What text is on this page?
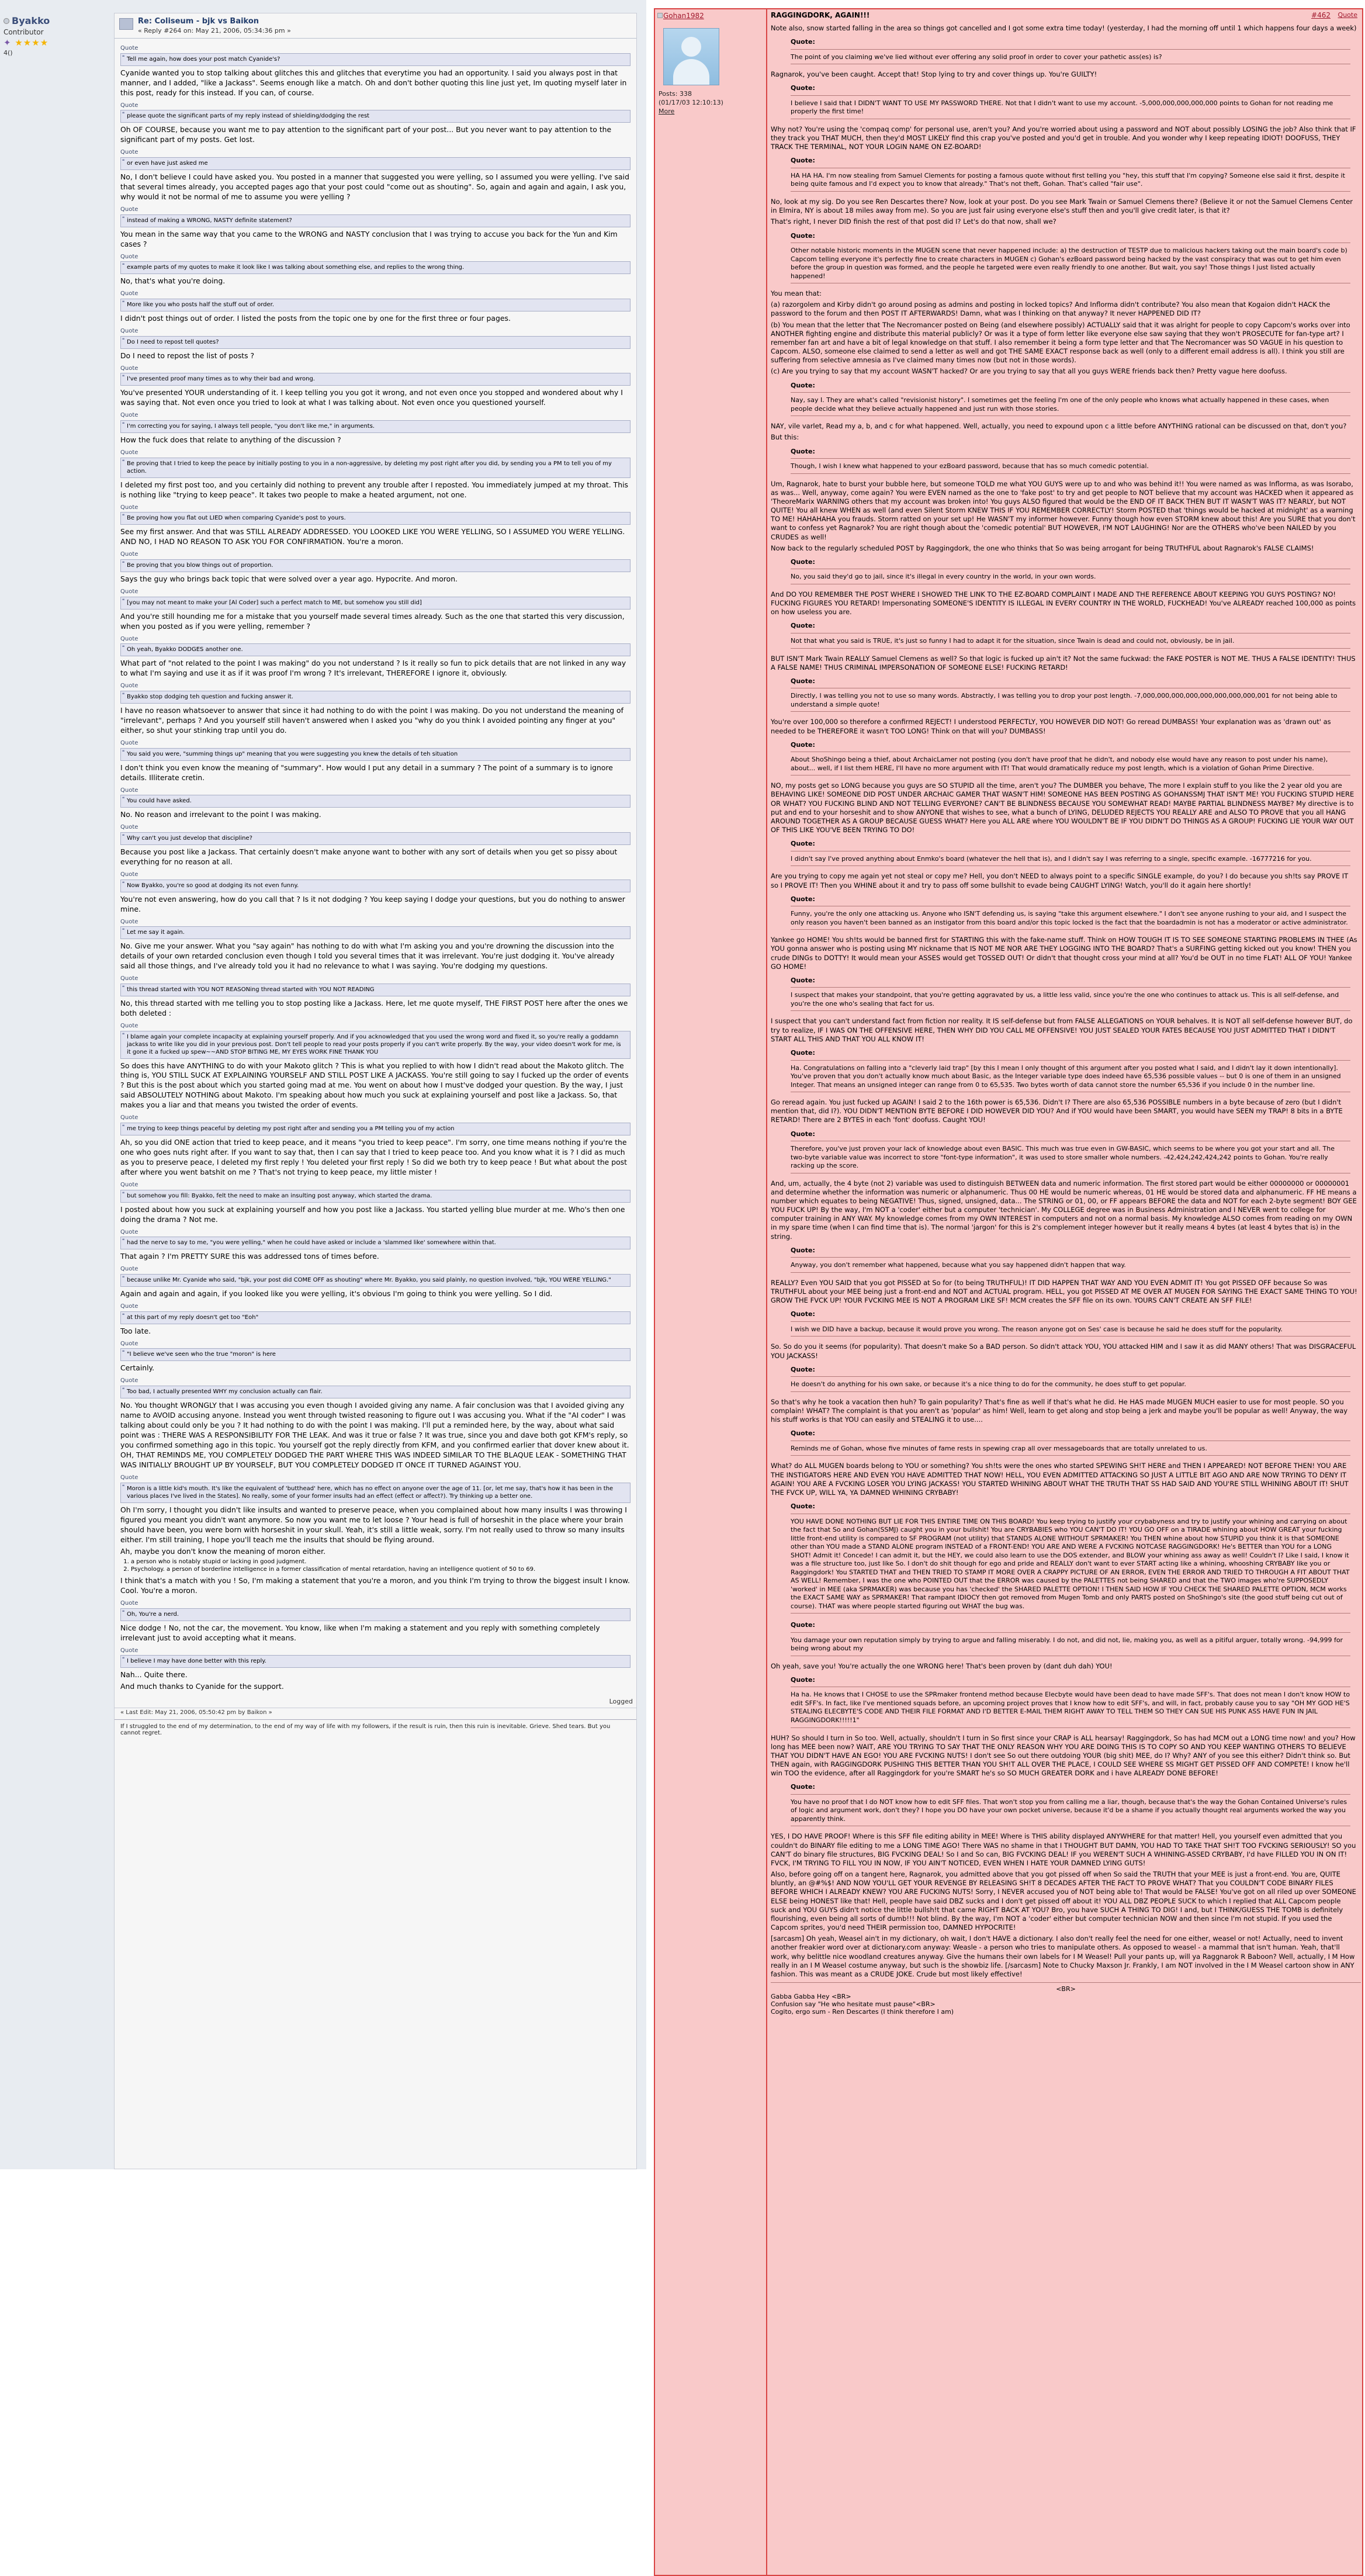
Byakko
Contributor
✦ ★★★★
4()
Re: Coliseum - bjk vs Baikon
« Reply #264 on: May 21, 2006, 05:34:36 pm »
Quote
❝ Tell me again, how does your post match Cyanide's?
Cyanide wanted you to stop talking about glitches this and glitches that everytime you had an opportunity. I said you always post in that manner, and I added, "like a Jackass". Seems enough like a match. Oh and don't bother quoting this line just yet, Im quoting myself later in this post, ready for this instead. If you can, of course.
Quote
❝ please quote the significant parts of my reply instead of shielding/dodging the rest
Oh OF COURSE, because you want me to pay attention to the significant part of your post... But you never want to pay attention to the significant part of my posts. Get lost.
Quote
❝ or even have just asked me
No, I don't believe I could have asked you. You posted in a manner that suggested you were yelling, so I assumed you were yelling. I've said that several times already, you accepted pages ago that your post could "come out as shouting". So, again and again and again, I ask you, why would it not be normal of me to assume you were yelling ?
Quote
❝ instead of making a WRONG, NASTY definite statement?
You mean in the same way that you came to the WRONG and NASTY conclusion that I was trying to accuse you back for the Yun and Kim cases ?
Quote
❝ example parts of my quotes to make it look like I was talking about something else, and replies to the wrong thing.
No, that's what you're doing.
Quote
❝ More like you who posts half the stuff out of order.
I didn't post things out of order. I listed the posts from the topic one by one for the first three or four pages.
Quote
❝ Do I need to repost tell quotes?
Do I need to repost the list of posts ?
Quote
❝ I've presented proof many times as to why their bad and wrong.
You've presented YOUR understanding of it. I keep telling you you got it wrong, and not even once you stopped and wondered about why I was saying that. Not even once you tried to look at what I was talking about. Not even once you questioned yourself.
Quote
❝ I'm correcting you for saying, I always tell people, "you don't like me," in arguments.
How the fuck does that relate to anything of the discussion ?
Quote
❝ Be proving that I tried to keep the peace by initially posting to you in a non-aggressive, by deleting my post right after you did, by sending you a PM to tell you of my action.
I deleted my first post too, and you certainly did nothing to prevent any trouble after I reposted. You immediately jumped at my throat. This is nothing like "trying to keep peace". It takes two people to make a heated argument, not one.
Quote
❝ Be proving how you flat out LIED when comparing Cyanide's post to yours.
See my first answer. And that was STILL ALREADY ADDRESSED. YOU LOOKED LIKE YOU WERE YELLING, SO I ASSUMED YOU WERE YELLING. AND NO, I HAD NO REASON TO ASK YOU FOR CONFIRMATION. You're a moron.
Quote
❝ Be proving that you blow things out of proportion.
Says the guy who brings back topic that were solved over a year ago. Hypocrite. And moron.
Quote
❝ [you may not meant to make your [Al Coder] such a perfect match to ME, but somehow you still did]
And you're still hounding me for a mistake that you yourself made several times already. Such as the one that started this very discussion, when you posted as if you were yelling, remember ?
Quote
❝ Oh yeah, Byakko DODGES another one.
What part of "not related to the point I was making" do you not understand ? Is it really so fun to pick details that are not linked in any way to what I'm saying and use it as if it was proof I'm wrong ? It's irrelevant, THEREFORE I ignore it, obviously.
Quote
❝ Byakko stop dodging teh question and fucking answer it.
I have no reason whatsoever to answer that since it had nothing to do with the point I was making. Do you not understand the meaning of "irrelevant", perhaps ? And you yourself still haven't answered when I asked you "why do you think I avoided pointing any finger at you" either, so shut your stinking trap until you do.
Quote
❝ You said you were, "summing things up" meaning that you were suggesting you knew the details of teh situation
I don't think you even know the meaning of "summary". How would I put any detail in a summary ? The point of a summary is to ignore details. Illiterate cretin.
Quote
❝ You could have asked.
No. No reason and irrelevant to the point I was making.
Quote
❝ Why can't you just develop that discipline?
Because you post like a Jackass. That certainly doesn't make anyone want to bother with any sort of details when you get so pissy about everything for no reason at all.
Quote
❝ Now Byakko, you're so good at dodging its not even funny.
You're not even answering, how do you call that ? Is it not dodging ? You keep saying I dodge your questions, but you do nothing to answer mine.
Quote
❝ Let me say it again.
No. Give me your answer. What you "say again" has nothing to do with what I'm asking you and you're drowning the discussion into the details of your own retarded conclusion even though I told you several times that it was irrelevant. You're just dodging it. You've already said all those things, and I've already told you it had no relevance to what I was saying. You're dodging my questions.
Quote
❝ this thread started with YOU NOT REASONing thread started with YOU NOT READING
No, this thread started with me telling you to stop posting like a Jackass. Here, let me quote myself, THE FIRST POST here after the ones we both deleted :
Quote
❝ I blame again your complete incapacity at explaining yourself properly. And if you acknowledged that you used the wrong word and fixed it, so you're really a goddamn jackass to write like you did in your previous post. Don't tell people to read your posts properly if you can't write properly. By the way, your video doesn't work for me, is it gone it a fucked up spew~~AND STOP BITING ME, MY EYES WORK FINE THANK YOU
So does this have ANYTHING to do with your Makoto glitch ? This is what you replied to with how I didn't read about the Makoto glitch. The thing is, YOU STILL SUCK AT EXPLAINING YOURSELF AND STILL POST LIKE A JACKASS. You're still going to say I fucked up the order of events ? But this is the post about which you started going mad at me. You went on about how I must've dodged your question. By the way, I just said ABSOLUTELY NOTHING about Makoto. I'm speaking about how much you suck at explaining yourself and post like a Jackass. So, that makes you a liar and that means you twisted the order of events.
Quote
❝ me trying to keep things peaceful by deleting my post right after and sending you a PM telling you of my action
Ah, so you did ONE action that tried to keep peace, and it means "you tried to keep peace". I'm sorry, one time means nothing if you're the one who goes nuts right after. If you want to say that, then I can say that I tried to keep peace too. And you know what it is ? I did as much as you to preserve peace, I deleted my first reply ! You deleted your first reply ! So did we both try to keep peace ! But what about the post after where you went batshit on me ? That's not trying to keep peace, my little mister !
Quote
❝ but somehow you fill: Byakko, felt the need to make an insulting post anyway, which started the drama.
I posted about how you suck at explaining yourself and how you post like a Jackass. You started yelling blue murder at me. Who's then one doing the drama ? Not me.
Quote
❝ had the nerve to say to me, "you were yelling," when he could have asked or include a 'slammed like' somewhere within that.
That again ? I'm PRETTY SURE this was addressed tons of times before.
Quote
❝ because unlike Mr. Cyanide who said, "bjk, your post did COME OFF as shouting" where Mr. Byakko, you said plainly, no question involved, "bjk, YOU WERE YELLING."
Again and again and again, if you looked like you were yelling, it's obvious I'm going to think you were yelling. So I did.
Quote
❝ at this part of my reply doesn't get too "Eoh"
Too late.
Quote
❝ "I believe we've seen who the true "moron" is here
Certainly.
Quote
❝ Too bad, I actually presented WHY my conclusion actually can flair.
No. You thought WRONGLY that I was accusing you even though I avoided giving any name. A fair conclusion was that I avoided giving any name to AVOID accusing anyone. Instead you went through twisted reasoning to figure out I was accusing you. What if the "AI coder" I was talking about could only be you ? It had nothing to do with the point I was making. I'll put a reminded here, by the way, about what said point was : THERE WAS A RESPONSIBILITY FOR THE LEAK. And was it true or false ? It was true, since you and dave both got KFM's reply, so you confirmed something ago in this topic. You yourself got the reply directly from KFM, and you confirmed earlier that dover knew about it. OH, THAT REMINDS ME, YOU COMPLETELY DODGED THE PART WHERE THIS WAS INDEED SIMILAR TO THE BLAQUE LEAK - SOMETHING THAT WAS INITIALLY BROUGHT UP BY YOURSELF, BUT YOU COMPLETELY DODGED IT ONCE IT TURNED AGAINST YOU.
Quote
❝ Moron is a little kid's mouth. It's like the equivalent of 'butthead' here, which has no effect on anyone over the age of 11. [or, let me say, that's how it has been in the various places I've lived in the States]. No really, some of your former insults had an effect (effect or affect?). Try thinking up a better one.
Oh I'm sorry, I thought you didn't like insults and wanted to preserve peace, when you complained about how many insults I was throwing I figured you meant you didn't want anymore. So now you want me to let loose ? Your head is full of horseshit in the place where your brain should have been, you were born with horseshit in your skull. Yeah, it's still a little weak, sorry. I'm not really used to throw so many insults either. I'm still training, I hope you'll teach me the insults that should be flying around.
Ah, maybe you don't know the meaning of moron either.
1. a person who is notably stupid or lacking in good judgment.
2. Psychology. a person of borderline intelligence in a former classification of mental retardation, having an intelligence quotient of 50 to 69.
I think that's a match with you ! So, I'm making a statement that you're a moron, and you think I'm trying to throw the biggest insult I know. Cool. You're a moron.
Quote
❝ Oh, You're a nerd.
Nice dodge ! No, not the car, the movement. You know, like when I'm making a statement and you reply with something completely irrelevant just to avoid accepting what it means.
Quote
❝ I believe I may have done better with this reply.
Nah... Quite there.
And much thanks to Cyanide for the support.
Logged
« Last Edit: May 21, 2006, 05:50:42 pm by Baikon »
If I struggled to the end of my determination, to the end of my way of life with my followers, if the result is ruin, then this ruin is inevitable. Grieve. Shed tears. But you cannot regret.
Gohan1982
Posts: 338
(01/17/03 12:10:13)
More
RAGGINGDORK, AGAIN!!!	#462 Quote
Note also, snow started falling in the area so things got cancelled and I got some extra time today! (yesterday, I had the morning off until 1 which happens four days a week)
Quote:
The point of you claiming we've lied without ever offering any solid proof in order to cover your pathetic ass(es) is?
Ragnarok, you've been caught. Accept that! Stop lying to try and cover things up. You're GUILTY!
Quote:
I believe I said that I DIDN'T WANT TO USE MY PASSWORD THERE. Not that I didn't want to use my account. -5,000,000,000,000,000 points to Gohan for not reading me properly the first time!
Why not? You're using the 'compaq comp' for personal use, aren't you? And you're worried about using a password and NOT about possibly LOSING the job? Also think that IF they track you THAT MUCH, then they'd MOST LIKELY find this crap you've posted and you'd get in trouble. And you wonder why I keep repeating IDIOT! DOOFUSS, THEY TRACK THE TERMINAL, NOT YOUR LOGIN NAME ON EZ-BOARD!
Quote:
HA HA HA. I'm now stealing from Samuel Clements for posting a famous quote without first telling you "hey, this stuff that I'm copying? Someone else said it first, despite it being quite famous and I'd expect you to know that already." That's not theft, Gohan. That's called "fair use".
No, look at my sig. Do you see Ren Descartes there? Now, look at your post. Do you see Mark Twain or Samuel Clemens there? (Believe it or not the Samuel Clemens Center in Elmira, NY is about 18 miles away from me). So you are just fair using everyone else's stuff then and you'll give credit later, is that it?
That's right, I never DID finish the rest of that post did I? Let's do that now, shall we?
Quote:
Other notable historic moments in the MUGEN scene that never happened include: a) the destruction of TESTP due to malicious hackers taking out the main board's code b) Capcom telling everyone it's perfectly fine to create characters in MUGEN c) Gohan's ezBoard password being hacked by the vast conspiracy that was out to get him even before the group in question was formed, and the people he targeted were even really friendly to one another. But wait, you say! Those things I just listed actually happened!
You mean that:
(a) razorgolem and Kirby didn't go around posing as admins and posting in locked topics? And Inflorma didn't contribute? You also mean that Kogaion didn't HACK the password to the forum and then POST IT AFTERWARDS! Damn, what was I thinking on that anyway? It never HAPPENED DID IT?
(b) You mean that the letter that The Necromancer posted on Being (and elsewhere possibly) ACTUALLY said that it was alright for people to copy Capcom's works over into ANOTHER fighting engine and distribute this material publicly? Or was it a type of form letter like everyone else saw saying that they won't PROSECUTE for fan-type art? I remember fan art and have a bit of legal knowledge on that stuff. I also remember it being a form type letter and that The Necromancer was SO VAGUE in his question to Capcom. ALSO, someone else claimed to send a letter as well and got THE SAME EXACT response back as well (only to a different email address is all). I think you still are suffering from selective amnesia as I've claimed many times now (but not in those words).
(c) Are you trying to say that my account WASN'T hacked? Or are you trying to say that all you guys WERE friends back then? Pretty vague here doofuss.
Quote:
Nay, say I. They are what's called "revisionist history". I sometimes get the feeling I'm one of the only people who knows what actually happened in these cases, when people decide what they believe actually happened and just run with those stories.
NAY, vile varlet, Read my a, b, and c for what happened. Well, actually, you need to expound upon c a little before ANYTHING rational can be discussed on that, don't you?
But this:
Quote:
Though, I wish I knew what happened to your ezBoard password, because that has so much comedic potential.
Um, Ragnarok, hate to burst your bubble here, but someone TOLD me what YOU GUYS were up to and who was behind it!! You were named as was Inflorma, as was Isorabo, as was... Well, anyway, come again? You were EVEN named as the one to 'fake post' to try and get people to NOT believe that my account was HACKED when it appeared as 'TheoreMarix WARNING others that my account was broken into! You guys ALSO figured that would be the END OF IT BACK THEN BUT IT WASN'T WAS IT? NEARLY, but NOT QUITE! You all knew WHEN as well (and even Silent Storm KNEW THIS IF YOU REMEMBER CORRECTLY! Storm POSTED that 'things would be hacked at midnight' as a warning TO ME! HAHAHAHA you frauds. Storm ratted on your set up! He WASN'T my informer however. Funny though how even STORM knew about this! Are you SURE that you don't want to confess yet Ragnarok? You are right though about the 'comedic potential' BUT HOWEVER, I'M NOT LAUGHING! Nor are the OTHERS who've been NAILED by you CRUDES as well!
Now back to the regularly scheduled POST by Raggingdork, the one who thinks that So was being arrogant for being TRUTHFUL about Ragnarok's FALSE CLAIMS!
Quote:
No, you said they'd go to jail, since it's illegal in every country in the world, in your own words.
And DO YOU REMEMBER THE POST WHERE I SHOWED THE LINK TO THE EZ-BOARD COMPLAINT I MADE AND THE REFERENCE ABOUT KEEPING YOU GUYS POSTING? NO! FUCKING FIGURES YOU RETARD! Impersonating SOMEONE'S IDENTITY IS ILLEGAL IN EVERY COUNTRY IN THE WORLD, FUCKHEAD! You've ALREADY reached 100,000 as points on how useless you are.
Quote:
Not that what you said is TRUE, it's just so funny I had to adapt it for the situation, since Twain is dead and could not, obviously, be in jail.
BUT ISN'T Mark Twain REALLY Samuel Clemens as well? So that logic is fucked up ain't it? Not the same fuckwad: the FAKE POSTER is NOT ME. THUS A FALSE IDENTITY! THUS A FALSE NAME! THUS CRIMINAL IMPERSONATION OF SOMEONE ELSE! FUCKING RETARD!
Quote:
Directly, I was telling you not to use so many words. Abstractly, I was telling you to drop your post length. -7,000,000,000,000,000,000,000,000,001 for not being able to understand a simple quote!
You're over 100,000 so therefore a confirmed REJECT! I understood PERFECTLY, YOU HOWEVER DID NOT! Go reread DUMBASS! Your explanation was as 'drawn out' as needed to be THEREFORE it wasn't TOO LONG! Think on that will you? DUMBASS!
Quote:
About ShoShingo being a thief, about ArchaicLamer not posting (you don't have proof that he didn't, and nobody else would have any reason to post under his name), about... well, if I list them HERE, I'll have no more argument with IT! That would dramatically reduce my post length, which is a violation of Gohan Prime Directive.
NO, my posts get so LONG because you guys are SO STUPID all the time, aren't you? The DUMBER you behave, The more I explain stuff to you like the 2 year old you are BEHAVING LIKE! SOMEONE DID POST UNDER ARCHAIC GAMER THAT WASN'T HIM! SOMEONE HAS BEEN POSTING AS GOHANSSMJ THAT ISN'T ME! YOU FUCKING STUPID HERE OR WHAT? YOU FUCKING BLIND AND NOT TELLING EVERYONE? CAN'T BE BLINDNESS BECAUSE YOU SOMEWHAT READ! MAYBE PARTIAL BLINDNESS MAYBE? My directive is to put and end to your horseshit and to show ANYONE that wishes to see, what a bunch of LYING, DELUDED REJECTS YOU REALLY ARE and ALSO TO PROVE that you all HANG AROUND TOGETHER AS A GROUP BECAUSE GUESS WHAT? Here you ALL ARE where YOU WOULDN'T BE IF YOU DIDN'T DO THINGS AS A GROUP! FUCKING LIE YOUR WAY OUT OF THIS LIKE YOU'VE BEEN TRYING TO DO!
Quote:
I didn't say I've proved anything about Enmko's board (whatever the hell that is), and I didn't say I was referring to a single, specific example. -16777216 for you.
Are you trying to copy me again yet not steal or copy me? Hell, you don't NEED to always point to a specific SINGLE example, do you? I do because you sh!ts say PROVE IT so I PROVE IT! Then you WHINE about it and try to pass off some bullshit to evade being CAUGHT LYING! Watch, you'll do it again here shortly!
Quote:
Funny, you're the only one attacking us. Anyone who ISN'T defending us, is saying "take this argument elsewhere." I don't see anyone rushing to your aid, and I suspect the only reason you haven't been banned as an instigator from this board and/or this topic locked is the fact that the boardadmin is not has a moderator or active administrator.
Yankee go HOME! You sh!ts would be banned first for STARTING this with the fake-name stuff. Think on HOW TOUGH IT IS TO SEE SOMEONE STARTING PROBLEMS IN THEE (As YOU gonna answer who is posting using MY nickname that IS NOT ME NOR ARE THEY LOGGING INTO THE BOARD? That's a SURFING getting kicked out you know! THEN you crude DINGs to DOTTY! It would mean your ASSES would get TOSSED OUT! Or didn't that thought cross your mind at all? You'd be OUT in no time FLAT! ALL OF YOU! Yankee GO HOME!
Quote:
I suspect that makes your standpoint, that you're getting aggravated by us, a little less valid, since you're the one who continues to attack us. This is all self-defense, and you're the one who's sealing that fact for us.
I suspect that you can't understand fact from fiction nor reality. It IS self-defense but from FALSE ALLEGATIONS on YOUR behalves. It is NOT all self-defense however BUT, do try to realize, IF I WAS ON THE OFFENSIVE HERE, THEN WHY DID YOU CALL ME OFFENSIVE! YOU JUST SEALED YOUR FATES BECAUSE YOU JUST ADMITTED THAT I DIDN'T START ALL THIS AND THAT YOU ALL KNOW IT!
Quote:
Ha. Congratulations on falling into a "cleverly laid trap" [by this I mean I only thought of this argument after you posted what I said, and I didn't lay it down intentionally]. You've proven that you don't actually know much about Basic, as the Integer variable type does indeed have 65,536 possible values -- but 0 is one of them in an unsigned Integer. That means an unsigned integer can range from 0 to 65,535. Two bytes worth of data cannot store the number 65,536 if you include 0 in the number line.
Go reread again. You just fucked up AGAIN! I said 2 to the 16th power is 65,536. Didn't I? There are also 65,536 POSSIBLE numbers in a byte because of zero (but I didn't mention that, did I?). YOU DIDN'T MENTION BYTE BEFORE I DID HOWEVER DID YOU? And if YOU would have been SMART, you would have SEEN my TRAP! 8 bits in a BYTE RETARD! There are 2 BYTES in each 'font' doofuss. Caught YOU!
Quote:
Therefore, you've just proven your lack of knowledge about even BASIC. This much was true even in GW-BASIC, which seems to be where you got your start and all. The two-byte variable value was incorrect to store "font-type information", it was used to store smaller whole numbers. -42,424,242,424,242 points to Gohan. You're really racking up the score.
And, um, actually, the 4 byte (not 2) variable was used to distinguish BETWEEN data and numeric information. The first stored part would be either 00000000 or 00000001 and determine whether the information was numeric or alphanumeric. Thus 00 HE would be numeric whereas, 01 HE would be stored data and alphanumeric. FF HE means a number which equates to being NEGATIVE! Thus, signed, unsigned, data... The STRING or 01, 00, or FF appears BEFORE the data and NOT for each 2-byte segment! BOY GEE YOU FUCK UP! By the way, I'm NOT a 'coder' either but a computer 'technician'. My COLLEGE degree was in Business Administration and I NEVER went to college for computer training in ANY WAY. My knowledge comes from my OWN INTEREST in computers and not on a normal basis. My knowledge ALSO comes from reading on my OWN in my spare time (when I can find time that is). The normal 'jargon' for this is 2's complement integer however but it really means 4 bytes (at least 4 bytes that is) in the string.
Quote:
Anyway, you don't remember what happened, because what you say happened didn't happen that way.
REALLY? Even YOU SAID that you got PISSED at So for (to being TRUTHFUL)! IT DID HAPPEN THAT WAY AND YOU EVEN ADMIT IT! You got PISSED OFF because So was TRUTHFUL about your MEE being just a front-end and NOT and ACTUAL program. HELL, you got PISSED AT ME OVER AT MUGEN FOR SAYING THE EXACT SAME THING TO YOU! GROW THE FVCK UP! YOUR FVCKING MEE IS NOT A PROGRAM LIKE SF! MCM creates the SFF file on its own. YOURS CAN'T CREATE AN SFF FILE!
Quote:
I wish we DID have a backup, because it would prove you wrong. The reason anyone got on Ses' case is because he said he does stuff for the popularity.
So. So do you it seems (for popularity). That doesn't make So a BAD person. So didn't attack YOU, YOU attacked HIM and I saw it as did MANY others! That was DISGRACEFUL YOU JACKASS!
Quote:
He doesn't do anything for his own sake, or because it's a nice thing to do for the community, he does stuff to get popular.
So that's why he took a vacation then huh? To gain popularity? That's fine as well if that's what he did. He HAS made MUGEN MUCH easier to use for most people. SO you complain! WHAT? The complaint is that you aren't as 'popular' as him! Well, learn to get along and stop being a jerk and maybe you'll be popular as well! Anyway, the way his stuff works is that YOU can easily and STEALING it to use....
Quote:
Reminds me of Gohan, whose five minutes of fame rests in spewing crap all over messageboards that are totally unrelated to us.
What? do ALL MUGEN boards belong to YOU or something? You sh!ts were the ones who started SPEWING SH!T HERE and THEN I APPEARED! NOT BEFORE THEN! YOU ARE THE INSTIGATORS HERE AND EVEN YOU HAVE ADMITTED THAT NOW! HELL, YOU EVEN ADMITTED ATTACKING SO JUST A LITTLE BIT AGO AND ARE NOW TRYING TO DENY IT AGAIN! YOU ARE A FVCKING LOSER YOU LYING JACKASS! YOU STARTED WHINING ABOUT WHAT THE TRUTH THAT SS HAD SAID AND YOU'RE STILL WHINING ABOUT IT! SHUT THE FVCK UP, WILL YA, YA DAMNED WHINING CRYBABY!
Quote:
YOU HAVE DONE NOTHING BUT LIE FOR THIS ENTIRE TIME ON THIS BOARD! You keep trying to justify your crybabyness and try to justify your whining and carrying on about the fact that So and Gohan(SSMJ) caught you in your bullshit! You are CRYBABIES who YOU CAN'T DO IT! YOU GO OFF on a TIRADE whining about HOW GREAT your fucking little front-end utility is compared to SF PROGRAM (not utility) that STANDS ALONE WITHOUT SPRMAKER! You THEN whine about how STUPID you think it is that SOMEONE other than YOU made a STAND ALONE program INSTEAD of a FRONT-END! YOU ARE AND WERE A FVCKING NOTCASE RAGGINGDORK! He's BETTER than YOU for a LONG SHOT! Admit it! Concede! I can admit it, but the HEY, we could also learn to use the DOS extender, and BLOW your whining ass away as well! Couldn't I? Like I said, I know it was a file structure too, just like So. I don't do shit though for ego and pride and REALLY don't want to ever START acting like a whining, whooshing CRYBABY like you or Raggingdork! You STARTED THAT and THEN TRIED TO STAMP IT MORE OVER A CRAPPY PICTURE OF AN ERROR, EVEN THE ERROR AND TRIED TO THROUGH A FIT ABOUT THAT AS WELL! Remember, I was the one who POINTED OUT that the ERROR was caused by the PALETTES not being SHARED and that the TWO images who're SUPPOSEDLY 'worked' in MEE (aka SPRMAKER) was because you has 'checked' the SHARED PALETTE OPTION! I THEN SAID HOW IF YOU CHECK THE SHARED PALETTE OPTION, MCM works the EXACT SAME WAY as SPRMAKER! That rampant IDIOCY then got removed from Mugen Tomb and only PARTS posted on ShoShingo's site (the good stuff being cut out of course). THAT was where people started figuring out WHAT the bug was.
Quote:
You damage your own reputation simply by trying to argue and falling miserably. I do not, and did not, lie, making you, as well as a pitiful arguer, totally wrong. -94,999 for being wrong about my
Oh yeah, save you! You're actually the one WRONG here! That's been proven by (dant duh dah) YOU!
Quote:
Ha ha. He knows that I CHOSE to use the SPRmaker frontend method because Elecbyte would have been dead to have made SFF's. That does not mean I don't know HOW to edit SFF's. In fact, like I've mentioned squads before, an upcoming project proves that I know how to edit SFF's, and will, in fact, probably cause you to say "OH MY GOD HE'S STEALING ELECBYTE'S CODE AND THEIR FILE FORMAT AND I'D BETTER E-MAIL THEM RIGHT AWAY TO TELL THEM SO THEY CAN SUE HIS PUNK ASS HAVE FUN IN JAIL RAGGINGDORK!!!!!1"
HUH? So should I turn in So too. Well, actually, shouldn't I turn in So first since your CRAP is ALL hearsay! Raggingdork, So has had MCM out a LONG time now! and you? How long has MEE been now? WAIT, ARE YOU TRYING TO SAY THAT THE ONLY REASON WHY YOU ARE DOING THIS IS TO COPY SO AND YOU KEEP WANTING OTHERS TO BELIEVE THAT YOU DIDN'T HAVE AN EGO! YOU ARE FVCKING NUTS! I don't see So out there outdoing YOUR (big shit) MEE, do I? Why? ANY of you see this either? Didn't think so. But THEN again, with RAGGINGDORK PUSHING THIS BETTER THAN YOU SH!T ALL OVER THE PLACE, I COULD SEE WHERE SS MIGHT GET PISSED OFF AND COMPETE! I know he'll win TOO the evidence, after all Raggingdork for you're SMART he's so SO MUCH GREATER DORK and i have ALREADY DONE BEFORE!
Quote:
You have no proof that I do NOT know how to edit SFF files. That won't stop you from calling me a liar, though, because that's the way the Gohan Contained Universe's rules of logic and argument work, don't they? I hope you DO have your own pocket universe, because it'd be a shame if you actually thought real arguments worked the way you apparently think.
YES, I DO HAVE PROOF! Where is this SFF file editing ability in MEE! Where is THIS ability displayed ANYWHERE for that matter! Hell, you yourself even admitted that you couldn't do BINARY file editing to me a LONG TIME AGO! There WAS no shame in that I THOUGHT BUT DAMN, YOU HAD TO TAKE THAT SH!T TOO FVCKING SERIOUSLY! SO you CAN'T do binary file structures, BIG FVCKING DEAL! So I and So can, BIG FVCKING DEAL! IF you WEREN'T SUCH A WHINING-ASSED CRYBABY, I'd have FILLED YOU IN ON IT! FVCK, I'M TRYING TO FILL YOU IN NOW, IF YOU AIN'T NOTICED, EVEN WHEN I HATE YOUR DAMNED LYING GUTS!
Also, before going off on a tangent here, Ragnarok, you admitted above that you got pissed off when So said the TRUTH that your MEE is just a front-end. You are, QUITE bluntly, an @#%$! AND NOW YOU'LL GET YOUR REVENGE BY RELEASING SH!T 8 DECADES AFTER THE FACT TO PROVE WHAT? That you COULDN'T CODE BINARY FILES BEFORE WHICH I ALREADY KNEW? YOU ARE FUCKING NUTS! Sorry, I NEVER accused you of NOT being able to! That would be FALSE! You've got on all riled up over SOMEONE ELSE being HONEST like that! Hell, people have said DBZ sucks and I don't get pissed off about it! YOU ALL DBZ PEOPLE SUCK to which I replied that ALL Capcom people suck and YOU GUYS didn't notice the little bullsh!t that came RIGHT BACK AT YOU? Bro, you have SUCH A THING TO DIG! I and, but I THINK/GUESS THE TOMB is definitely flourishing, even being all sorts of dumb!!! Not blind. By the way, I'm NOT a 'coder' either but computer technician NOW and then since I'm not stupid. If you used the Capcom sprites, you'd need THEIR permission too, DAMNED HYPOCRITE!
[sarcasm] Oh yeah, Weasel ain't in my dictionary, oh wait, I don't HAVE a dictionary. I also don't really feel the need for one either, weasel or not! Actually, need to invent another freakier word over at dictionary.com anyway: Weasle - a person who tries to manipulate others. As opposed to weasel - a mammal that isn't human. Yeah, that'll work, why belittle nice woodland creatures anyway. Give the humans their own labels for I M Weasel! Pull your pants up, will ya Raggnarok R Baboon? Well, actually, I M How really in an I M Weasel costume anyway, but such is the showbiz life. [/sarcasm] Note to Chucky Maxson Jr. Frankly, I am NOT involved in the I M Weasel cartoon show in ANY fashion. This was meant as a CRUDE JOKE. Crude but most likely effective!
<BR>
Gabba Gabba Hey <BR>
Confusion say "He who hesitate must pause"<BR>
Cogito, ergo sum - Ren Descartes (I think therefore I am)
